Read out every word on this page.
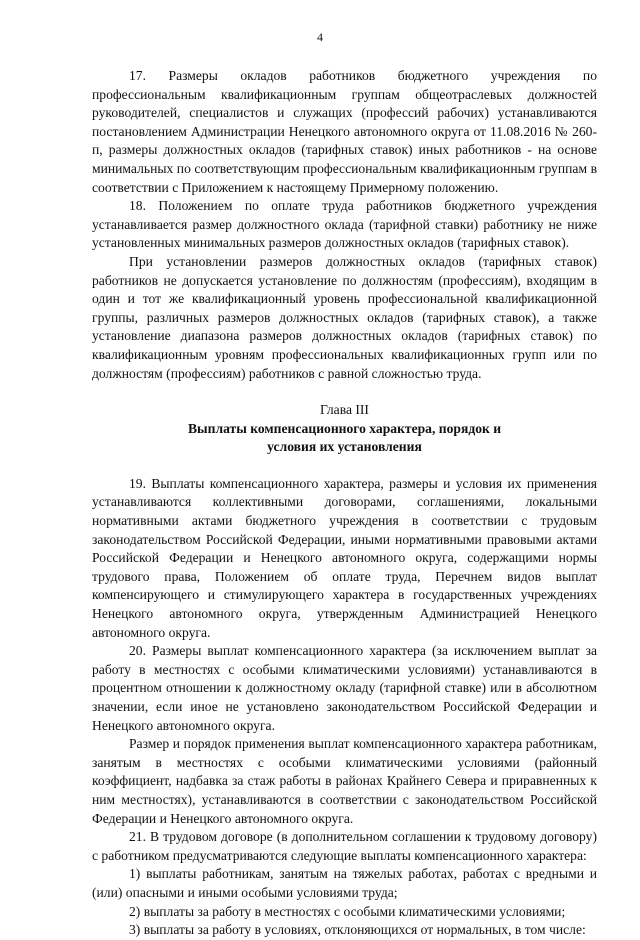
4

17. Размеры окладов работников бюджетного учреждения по профессиональным квалификационным группам общеотраслевых должностей руководителей, специалистов и служащих (профессий рабочих) устанавливаются постановлением Администрации Ненецкого автономного округа от 11.08.2016 № 260-п, размеры должностных окладов (тарифных ставок) иных работников - на основе минимальных по соответствующим профессиональным квалификационным группам в соответствии с Приложением к настоящему Примерному положению.

18. Положением по оплате труда работников бюджетного учреждения устанавливается размер должностного оклада (тарифной ставки) работнику не ниже установленных минимальных размеров должностных окладов (тарифных ставок).

При установлении размеров должностных окладов (тарифных ставок) работников не допускается установление по должностям (профессиям), входящим в один и тот же квалификационный уровень профессиональной квалификационной группы, различных размеров должностных окладов (тарифных ставок), а также установление диапазона размеров должностных окладов (тарифных ставок) по квалификационным уровням профессиональных квалификационных групп или по должностям (профессиям) работников с равной сложностью труда.

Глава III
Выплаты компенсационного характера, порядок и условия их установления

19. Выплаты компенсационного характера, размеры и условия их применения устанавливаются коллективными договорами, соглашениями, локальными нормативными актами бюджетного учреждения в соответствии с трудовым законодательством Российской Федерации, иными нормативными правовыми актами Российской Федерации и Ненецкого автономного округа, содержащими нормы трудового права, Положением об оплате труда, Перечнем видов выплат компенсирующего и стимулирующего характера в государственных учреждениях Ненецкого автономного округа, утвержденным Администрацией Ненецкого автономного округа.

20. Размеры выплат компенсационного характера (за исключением выплат за работу в местностях с особыми климатическими условиями) устанавливаются в процентном отношении к должностному окладу (тарифной ставке) или в абсолютном значении, если иное не установлено законодательством Российской Федерации и Ненецкого автономного округа.

Размер и порядок применения выплат компенсационного характера работникам, занятым в местностях с особыми климатическими условиями (районный коэффициент, надбавка за стаж работы в районах Крайнего Севера и приравненных к ним местностях), устанавливаются в соответствии с законодательством Российской Федерации и Ненецкого автономного округа.

21. В трудовом договоре (в дополнительном соглашении к трудовому договору) с работником предусматриваются следующие выплаты компенсационного характера:

1) выплаты работникам, занятым на тяжелых работах, работах с вредными и (или) опасными и иными особыми условиями труда;

2) выплаты за работу в местностях с особыми климатическими условиями;

3) выплаты за работу в условиях, отклоняющихся от нормальных, в том числе:
